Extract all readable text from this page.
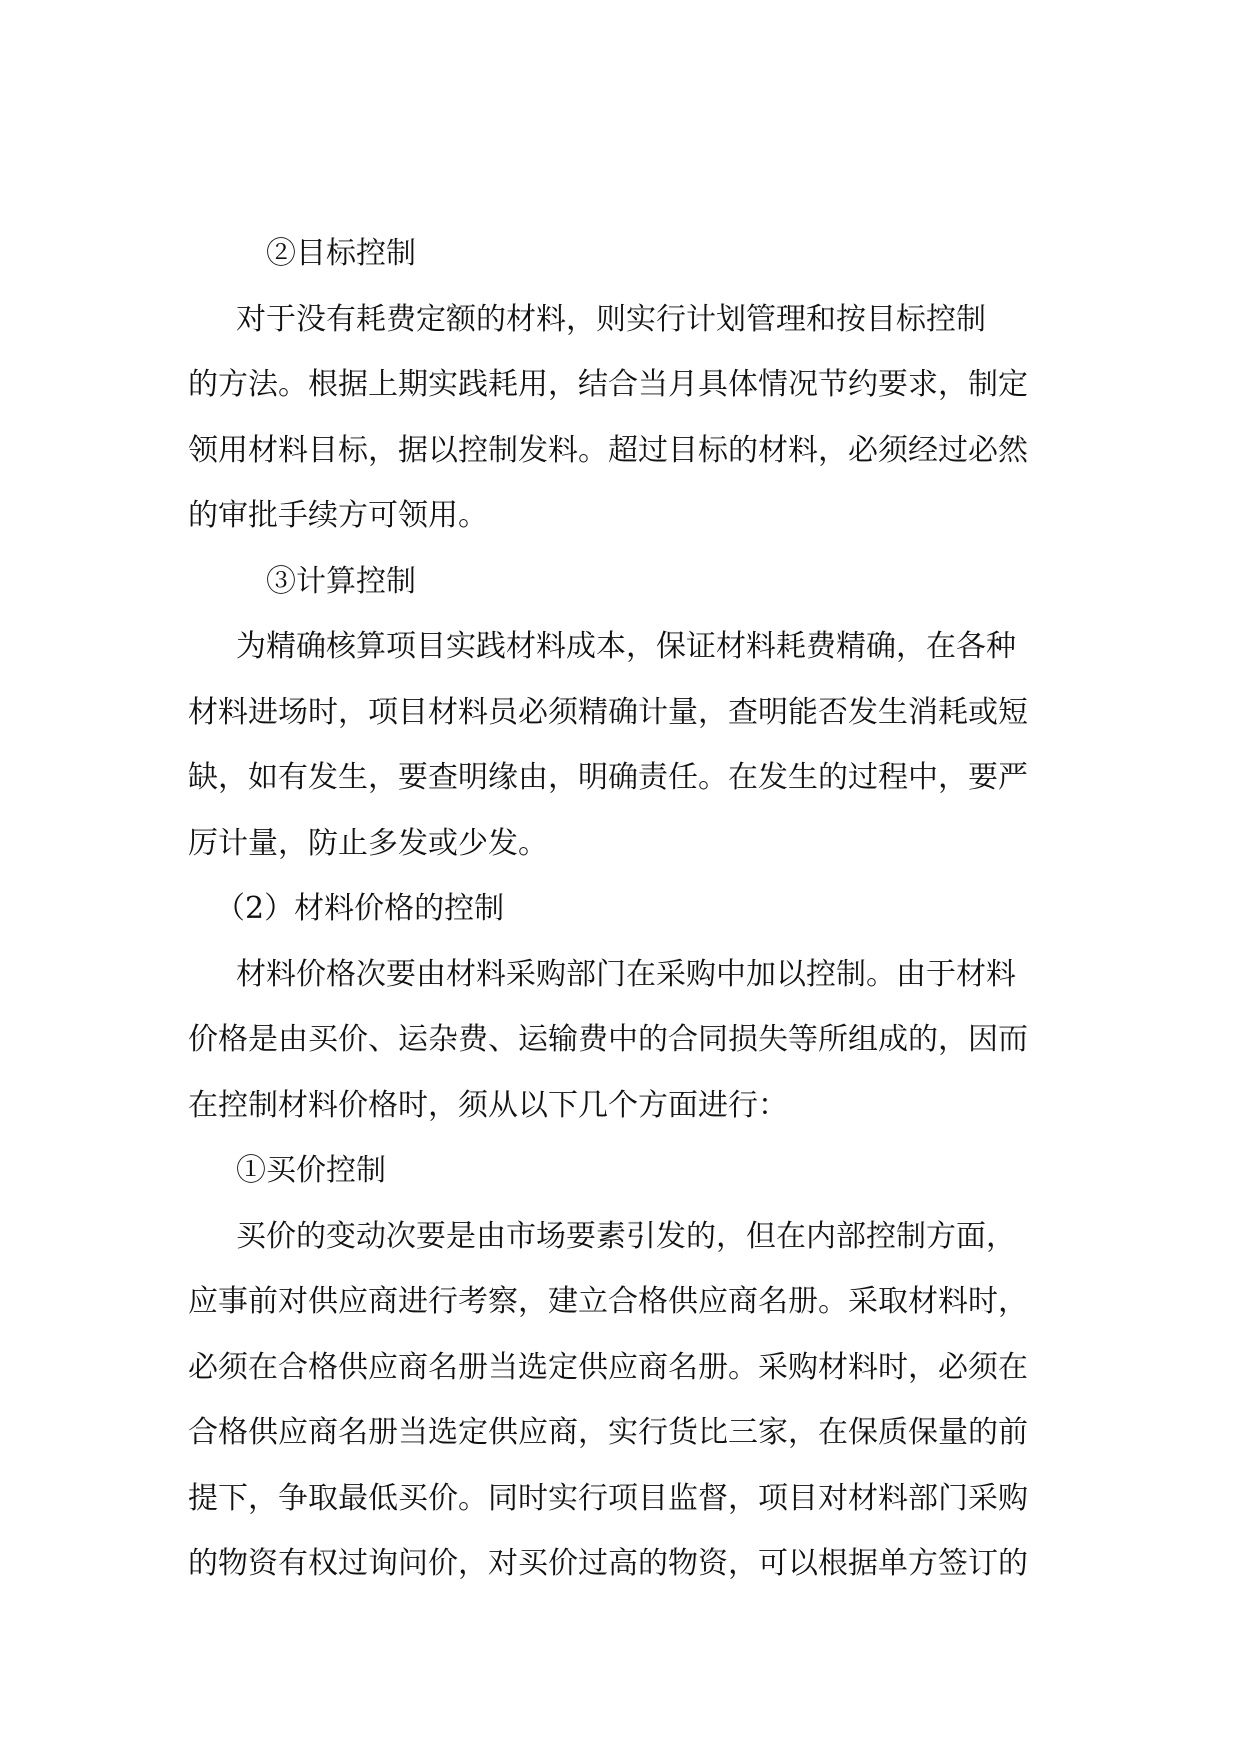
②目标控制
对于没有耗费定额的材料，则实行计划管理和按目标控制
的方法。根据上期实践耗用，结合当月具体情况节约要求，制定
领用材料目标，据以控制发料。超过目标的材料，必须经过必然
的审批手续方可领用。
③计算控制
为精确核算项目实践材料成本，保证材料耗费精确，在各种
材料进场时，项目材料员必须精确计量，查明能否发生消耗或短
缺，如有发生，要查明缘由，明确责任。在发生的过程中，要严
厉计量，防止多发或少发。
（2）材料价格的控制
材料价格次要由材料采购部门在采购中加以控制。由于材料
价格是由买价、运杂费、运输费中的合同损失等所组成的，因而
在控制材料价格时，须从以下几个方面进行：
①买价控制
买价的变动次要是由市场要素引发的，但在内部控制方面，
应事前对供应商进行考察，建立合格供应商名册。采取材料时，
必须在合格供应商名册当选定供应商名册。采购材料时，必须在
合格供应商名册当选定供应商，实行货比三家，在保质保量的前
提下，争取最低买价。同时实行项目监督，项目对材料部门采购
的物资有权过询问价，对买价过高的物资，可以根据单方签订的
